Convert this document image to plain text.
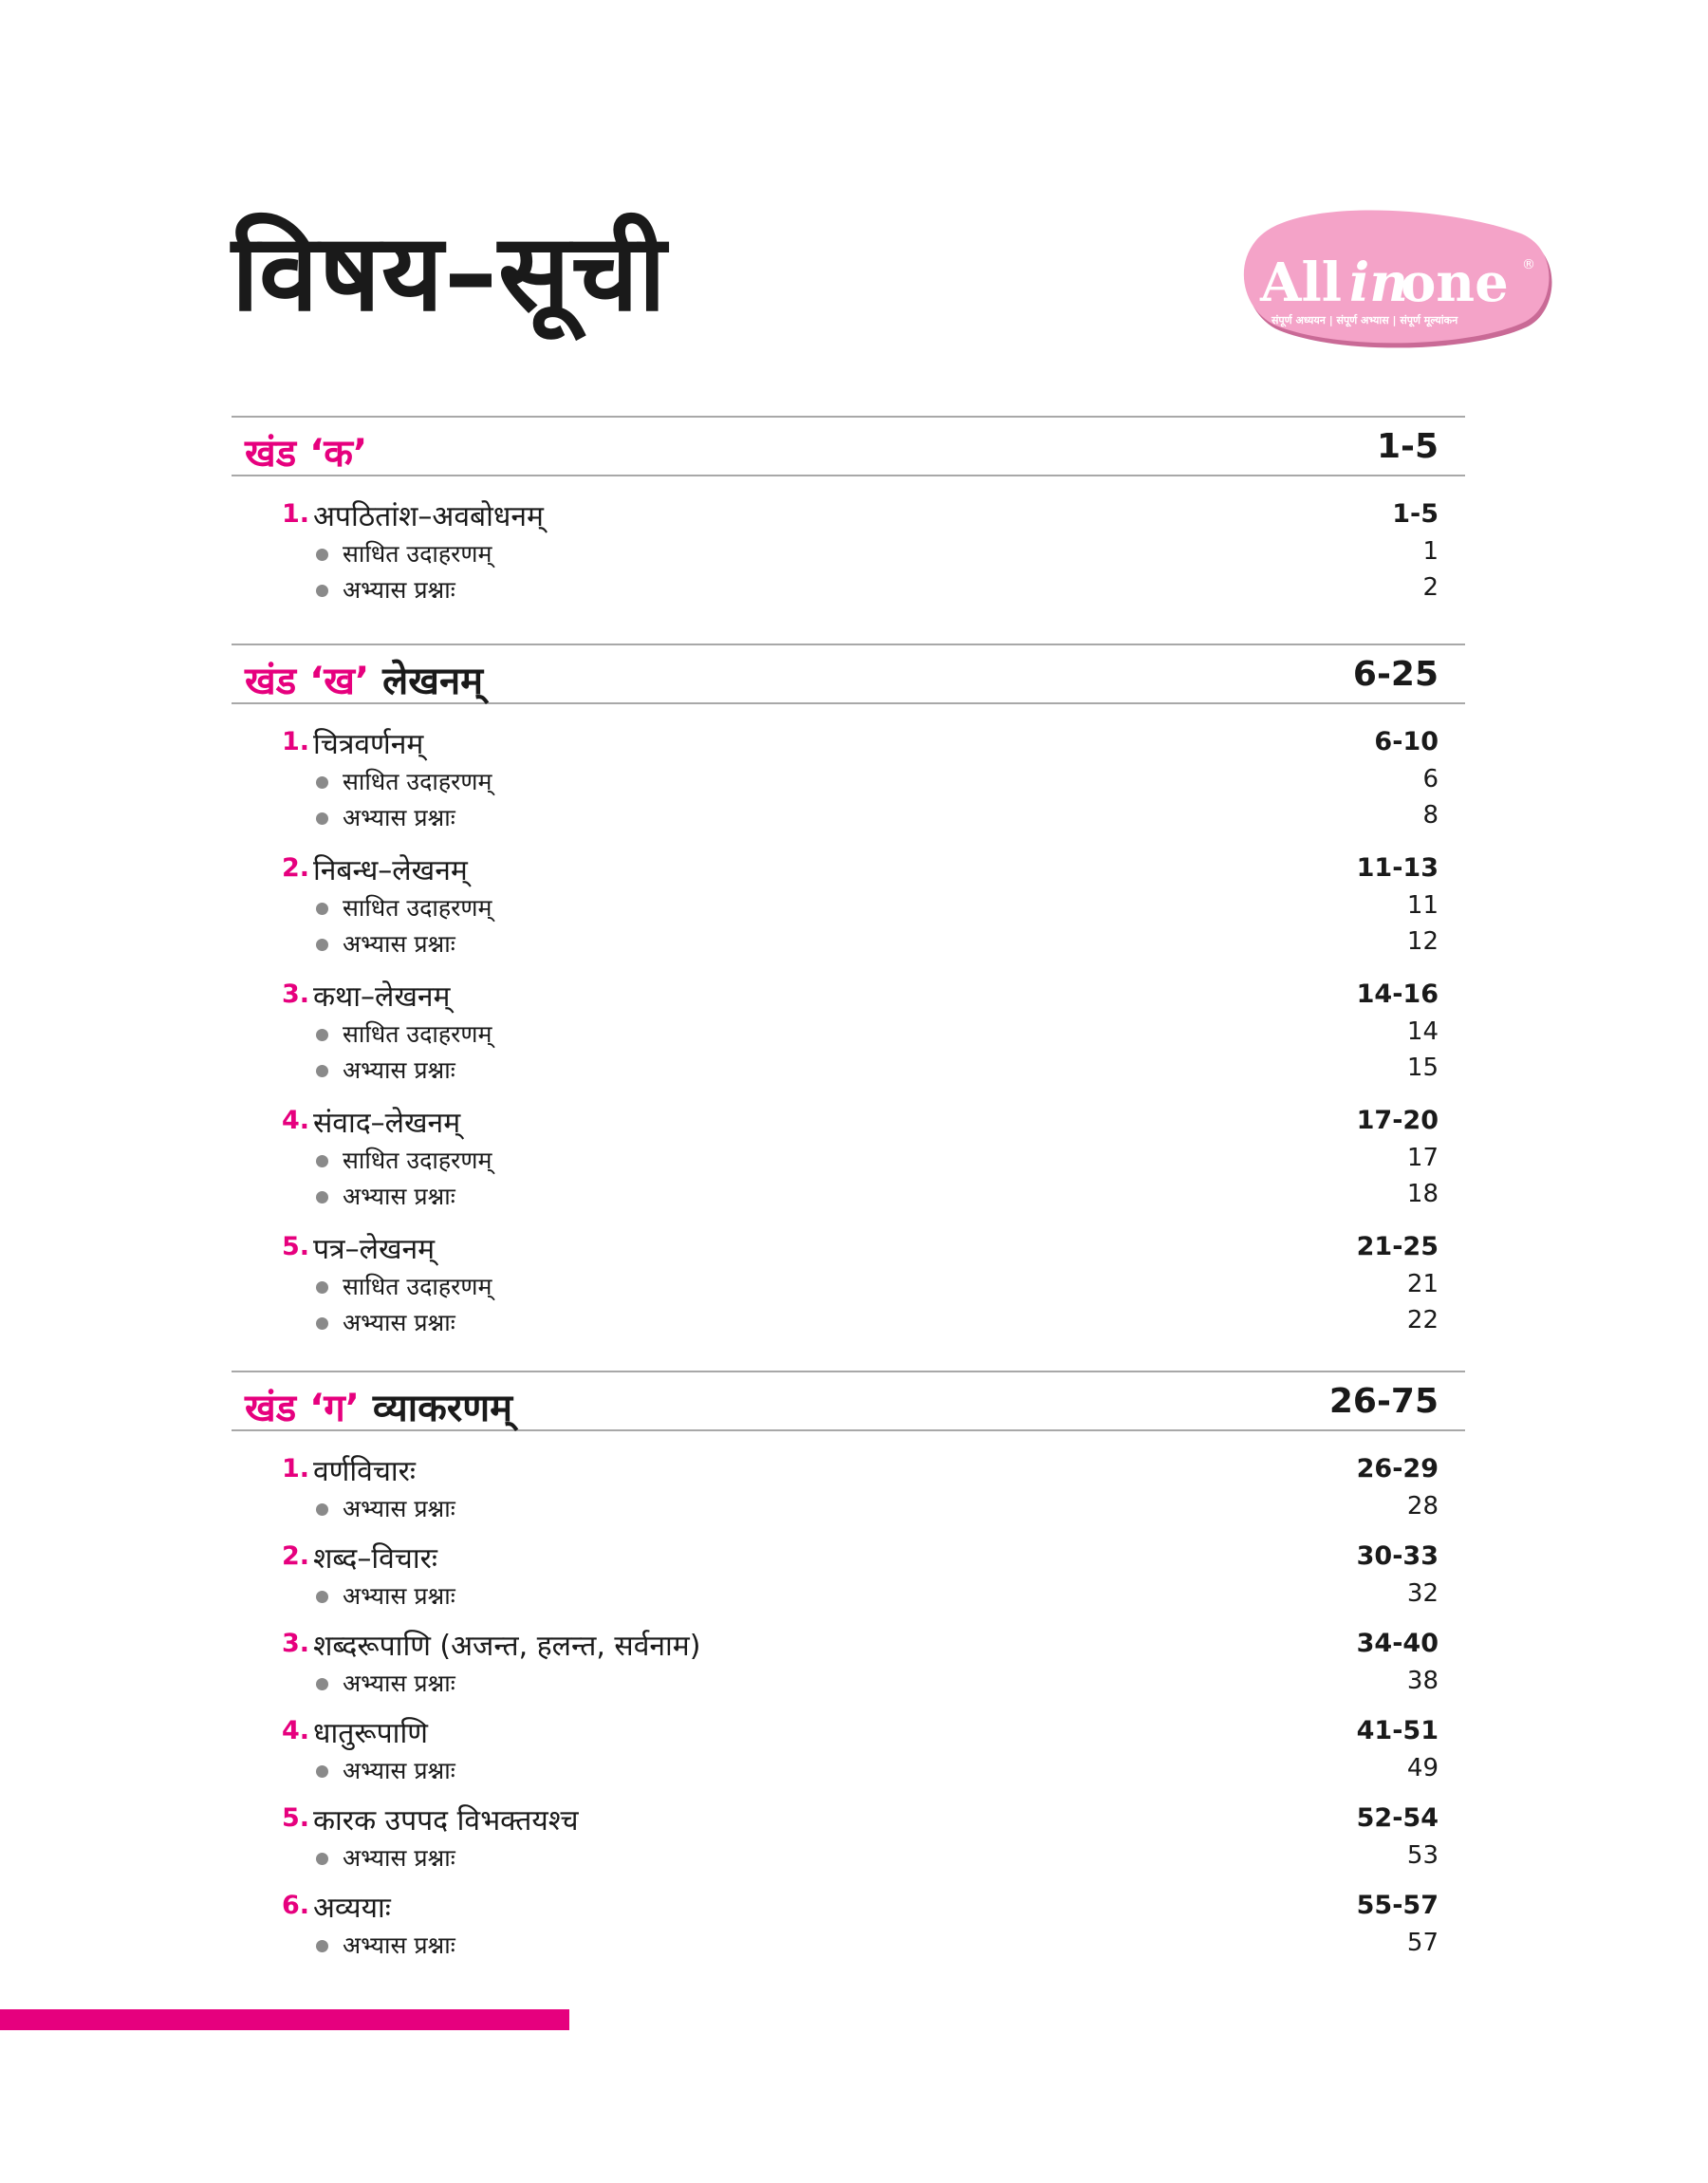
विषय–सूची	All in
one ®
संपूर्ण अध्ययन | संपूर्ण अभ्यास | संपूर्ण मूल्यांकन
खंड ‘क’	1-5
1. अपठितांश–अवबोधनम्	1-5
साधित उदाहरणम्	1
अभ्यास प्रश्नाः	2
खंड ‘ख’ लेखनम्	6-25
1. चित्रवर्णनम्	6-10
साधित उदाहरणम्	6
अभ्यास प्रश्नाः	8
2. निबन्ध–लेखनम्	11-13
साधित उदाहरणम्	11
अभ्यास प्रश्नाः	12
3. कथा–लेखनम्	14-16
साधित उदाहरणम्	14
अभ्यास प्रश्नाः	15
4. संवाद–लेखनम्	17-20
साधित उदाहरणम्	17
अभ्यास प्रश्नाः	18
5. पत्र–लेखनम्	21-25
साधित उदाहरणम्	21
अभ्यास प्रश्नाः	22
खंड ‘ग’ व्याकरणम्	26-75
1. वर्णविचारः	26-29
अभ्यास प्रश्नाः	28
2. शब्द–विचारः	30-33
अभ्यास प्रश्नाः	32
3. शब्दरूपाणि (अजन्त, हलन्त, सर्वनाम)	34-40
अभ्यास प्रश्नाः	38
4. धातुरूपाणि	41-51
अभ्यास प्रश्नाः	49
5. कारक उपपद विभक्तयश्च	52-54
अभ्यास प्रश्नाः	53
6. अव्ययाः	55-57
अभ्यास प्रश्नाः	57
